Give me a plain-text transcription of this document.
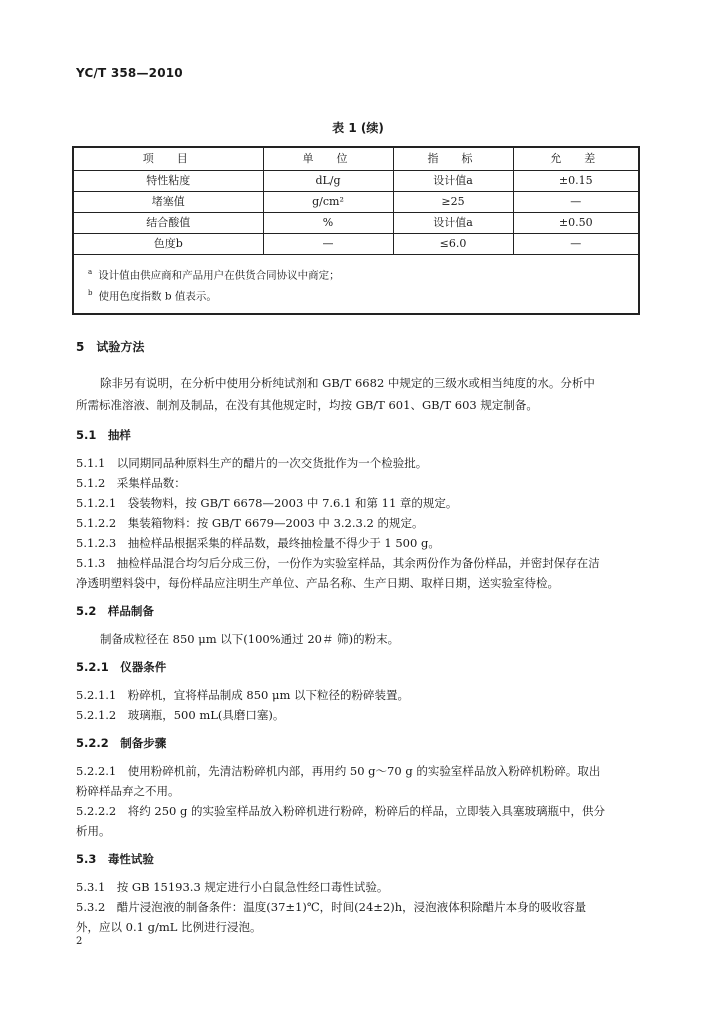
YC/T 358—2010
表 1 (续)
项　目	单　位	指　标	允　差
特性粘度	dL/g	设计值a	±0.15
堵塞值	g/cm²	≥25	—
结合酸值	%	设计值a	±0.50
色度b	—	≤6.0	—

$^a$ 设计值由供应商和产品用户在供货合同协议中商定；
$^b$ 使用色度指数 b 值表示。			
5　试验方法
除非另有说明，在分析中使用分析纯试剂和 GB/T 6682 中规定的三级水或相当纯度的水。分析中
所需标准溶液、制剂及制品，在没有其他规定时，均按 GB/T 601、GB/T 603 规定制备。
5.1　抽样
5.1.1　以同期同品种原料生产的醋片的一次交货批作为一个检验批。
5.1.2　采集样品数：
5.1.2.1　袋装物料，按 GB/T 6678—2003 中 7.6.1 和第 11 章的规定。
5.1.2.2　集装箱物料：按 GB/T 6679—2003 中 3.2.3.2 的规定。
5.1.2.3　抽检样品根据采集的样品数，最终抽检量不得少于 1 500 g。
5.1.3　抽检样品混合均匀后分成三份，一份作为实验室样品，其余两份作为备份样品，并密封保存在洁
净透明塑料袋中，每份样品应注明生产单位、产品名称、生产日期、取样日期，送实验室待检。
5.2　样品制备
制备成粒径在 850 μm 以下(100%通过 20＃ 筛)的粉末。
5.2.1　仪器条件
5.2.1.1　粉碎机，宜将样品制成 850 μm 以下粒径的粉碎装置。
5.2.1.2　玻璃瓶，500 mL(具磨口塞)。
5.2.2　制备步骤
5.2.2.1　使用粉碎机前，先清洁粉碎机内部，再用约 50 g～70 g 的实验室样品放入粉碎机粉碎。取出
粉碎样品弃之不用。
5.2.2.2　将约 250 g 的实验室样品放入粉碎机进行粉碎，粉碎后的样品，立即装入具塞玻璃瓶中，供分
析用。
5.3　毒性试验
5.3.1　按 GB 15193.3 规定进行小白鼠急性经口毒性试验。
5.3.2　醋片浸泡液的制备条件：温度(37±1)℃，时间(24±2)h，浸泡液体积除醋片本身的吸收容量
外，应以 0.1 g/mL 比例进行浸泡。
2
